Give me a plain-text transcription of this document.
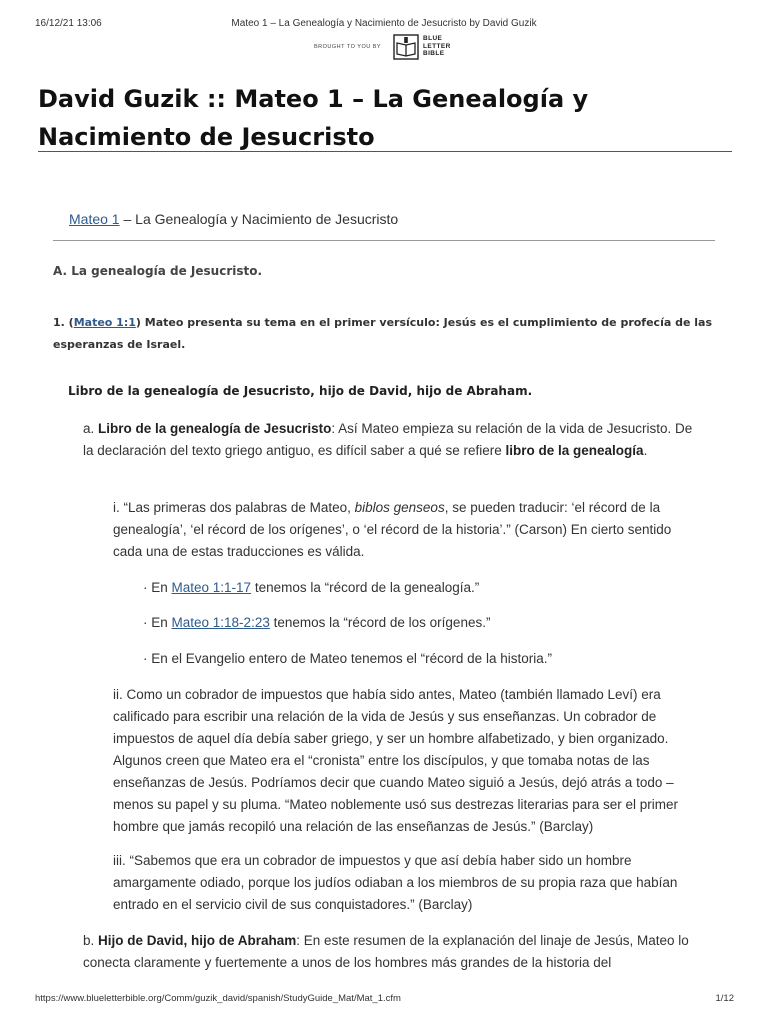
16/12/21 13:06	Mateo 1 – La Genealogía y Nacimiento de Jesucristo by David Guzik
BROUGHT TO YOU BY
BLUE
LETTER
BIBLE
David Guzik :: Mateo 1 – La Genealogía y Nacimiento de Jesucristo
Mateo 1 – La Genealogía y Nacimiento de Jesucristo
A. La genealogía de Jesucristo.

1. (Mateo 1:1) Mateo presenta su tema en el primer versículo: Jesús es el cumplimiento de profecía de las esperanzas de Israel.

Libro de la genealogía de Jesucristo, hijo de David, hijo de Abraham.

a. Libro de la genealogía de Jesucristo: Así Mateo empieza su relación de la vida de Jesucristo. De la declaración del texto griego antiguo, es difícil saber a qué se refiere libro de la genealogía.

i. “Las primeras dos palabras de Mateo, biblos genseos, se pueden traducir: ‘el récord de la genealogía’, ‘el récord de los orígenes’, o ‘el récord de la historia’.” (Carson) En cierto sentido cada una de estas traducciones es válida.

· En Mateo 1:1-17 tenemos la “récord de la genealogía.”

· En Mateo 1:18-2:23 tenemos la “récord de los orígenes.”

· En el Evangelio entero de Mateo tenemos el “récord de la historia.”

ii. Como un cobrador de impuestos que había sido antes, Mateo (también llamado Leví) era calificado para escribir una relación de la vida de Jesús y sus enseñanzas. Un cobrador de impuestos de aquel día debía saber griego, y ser un hombre alfabetizado, y bien organizado. Algunos creen que Mateo era el “cronista” entre los discípulos, y que tomaba notas de las enseñanzas de Jesús. Podríamos decir que cuando Mateo siguió a Jesús, dejó atrás a todo – menos su papel y su pluma. “Mateo noblemente usó sus destrezas literarias para ser el primer hombre que jamás recopiló una relación de las enseñanzas de Jesús.” (Barclay)

iii. “Sabemos que era un cobrador de impuestos y que así debía haber sido un hombre amargamente odiado, porque los judíos odiaban a los miembros de su propia raza que habían entrado en el servicio civil de sus conquistadores.” (Barclay)

b. Hijo de David, hijo de Abraham: En este resumen de la explanación del linaje de Jesús, Mateo lo conecta claramente y fuertemente a unos de los hombres más grandes de la historia del

https://www.blueletterbible.org/Comm/guzik_david/spanish/StudyGuide_Mat/Mat_1.cfm	1/12
